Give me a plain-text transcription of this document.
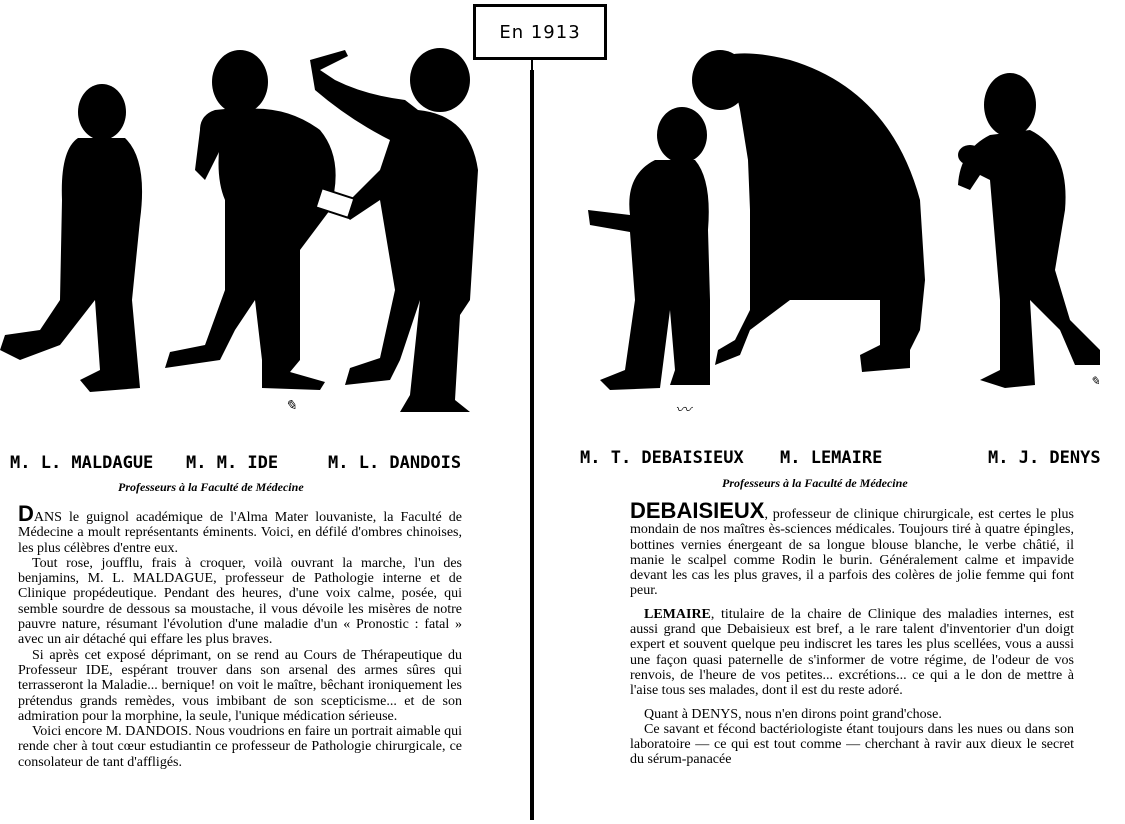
En 1913
✎	〰
〰
✎
M. L. MALDAGUE M. M. IDE	M. L. DANDOIS
Professeurs à la Faculté de Médecine
M. T. DEBAISIEUX M. LEMAIRE	M. J. DENYS
Professeurs à la Faculté de Médecine

DANS le guignol académique de l'Alma Mater louvaniste, la Faculté de Médecine a moult représentants éminents. Voici, en défilé d'ombres chinoises, les plus célèbres d'entre eux.

Tout rose, joufflu, frais à croquer, voilà ouvrant la marche, l'un des benjamins, M. L. MALDAGUE, professeur de Pathologie interne et de Clinique propédeutique. Pendant des heures, d'une voix calme, posée, qui semble sourdre de dessous sa moustache, il vous dévoile les misères de notre pauvre nature, résumant l'évolution d'une maladie d'un « Pronostic : fatal » avec un air détaché qui effare les plus braves.

Si après cet exposé déprimant, on se rend au Cours de Thérapeutique du Professeur IDE, espérant trouver dans son arsenal des armes sûres qui terrasseront la Maladie... bernique! on voit le maître, bêchant ironiquement les prétendus grands remèdes, vous imbibant de son scepticisme... et de son admiration pour la morphine, la seule, l'unique médication sérieuse.

Voici encore M. DANDOIS. Nous voudrions en faire un portrait aimable qui rende cher à tout cœur estudiantin ce professeur de Pathologie chirurgicale, ce consolateur de tant d'affligés.

DEBAISIEUX, professeur de clinique chirurgicale, est certes le plus mondain de nos maîtres ès-sciences médicales. Toujours tiré à quatre épingles, bottines vernies énergeant de sa longue blouse blanche, le verbe châtié, il manie le scalpel comme Rodin le burin. Généralement calme et impavide devant les cas les plus graves, il a parfois des colères de jolie femme qui font peur.

LEMAIRE, titulaire de la chaire de Clinique des maladies internes, est aussi grand que Debaisieux est bref, a le rare talent d'inventorier d'un doigt expert et souvent quelque peu indiscret les tares les plus scellées, vous a aussi une façon quasi paternelle de s'informer de votre régime, de l'odeur de vos renvois, de l'heure de vos petites... excrétions... ce qui a le don de mettre à l'aise tous ses malades, dont il est du reste adoré.

Quant à DENYS, nous n'en dirons point grand'chose.

Ce savant et fécond bactériologiste étant toujours dans les nues ou dans son laboratoire — ce qui est tout comme — cherchant à ravir aux dieux le secret du sérum-panacée
